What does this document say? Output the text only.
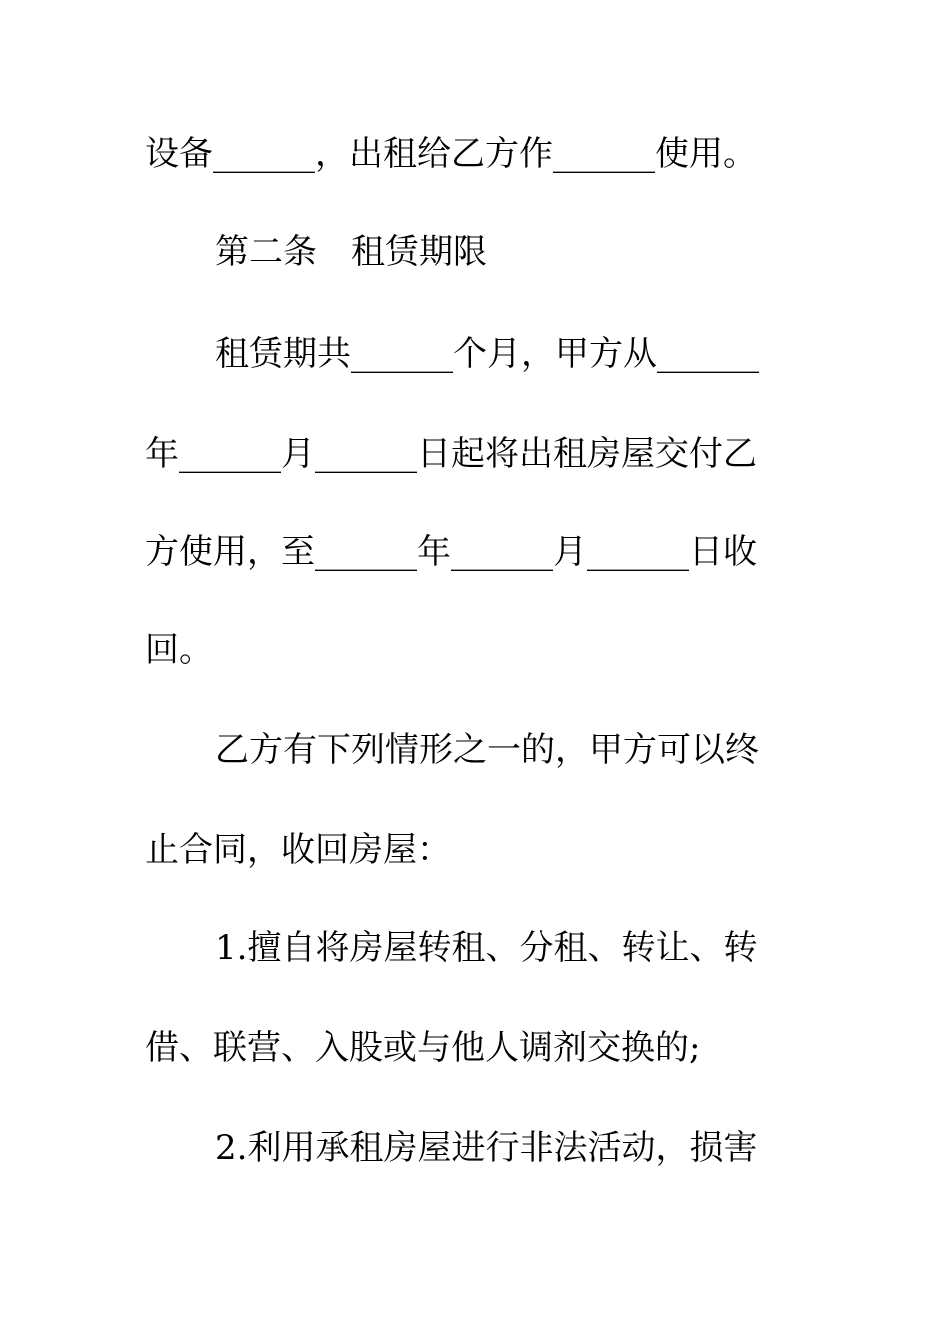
设备______，出租给乙方作______使用。
第二条　租赁期限
租赁期共______个月，甲方从______
年______月______日起将出租房屋交付乙
方使用，至______年______月______日收
回。
乙方有下列情形之一的，甲方可以终
止合同，收回房屋：
1.擅自将房屋转租、分租、转让、转
借、联营、入股或与他人调剂交换的;
2.利用承租房屋进行非法活动，损害
